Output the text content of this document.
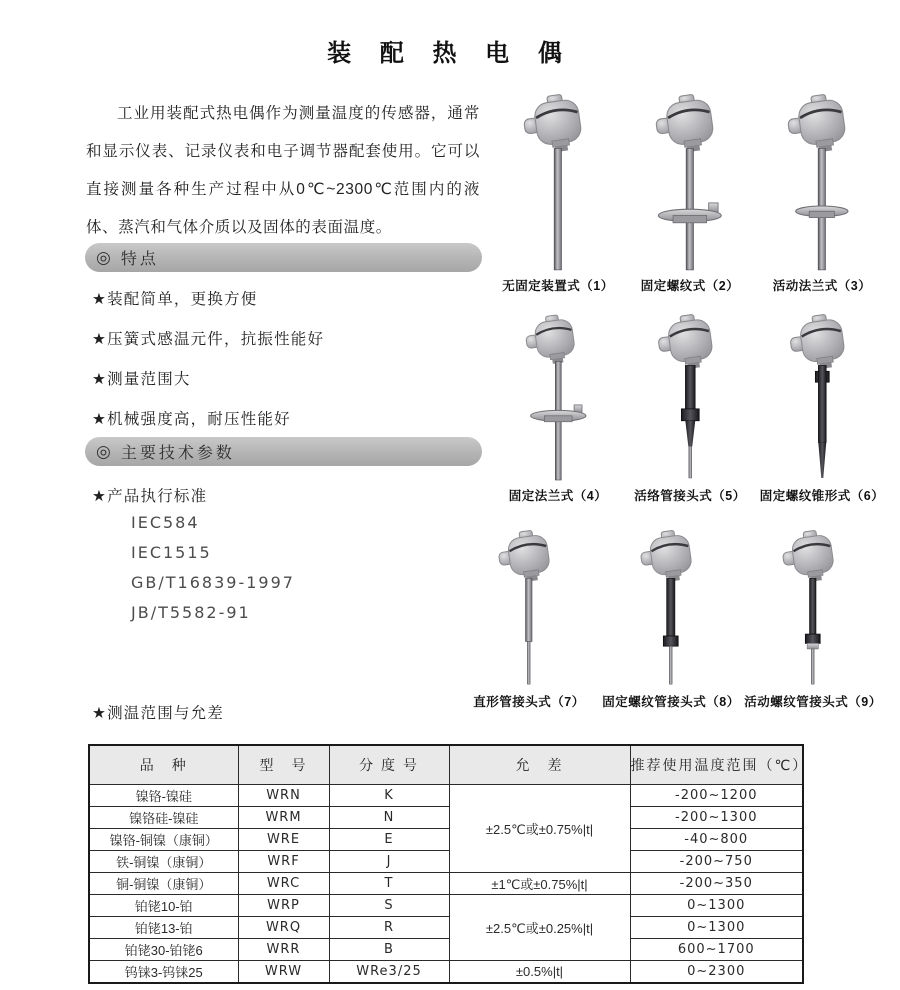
装 配 热 电 偶

工业用装配式热电偶作为测量温度的传感器，通常和显示仪表、记录仪表和电子调节器配套使用。它可以直接测量各种生产过程中从0℃~2300℃范围内的液体、蒸汽和气体介质以及固体的表面温度。

◎ 特点
★装配简单，更换方便
★压簧式感温元件，抗振性能好
★测量范围大
★机械强度高，耐压性能好
◎ 主要技术参数
★产品执行标准
IEC584
IEC1515
GB/T16839-1997
JB/T5582-91
★测温范围与允差
无固定装置式（1） 固定螺纹式（2）	活动法兰式（3）
固定法兰式（4） 活络管接头式（5） 固定螺纹锥形式（6）
直形管接头式（7） 固定螺纹管接头式（8） 活动螺纹管接头式（9）
品　种	型　号	分 度 号	允　差	推荐使用温度范围（℃）
镍铬-镍硅	WRN	K	±2.5℃或±0.75%|t|	-200~1200
镍铬硅-镍硅	WRM	N		-200~1300
镍铬-铜镍（康铜）	WRE	E		-40~800
铁-铜镍（康铜）	WRF	J		-200~750
铜-铜镍（康铜）	WRC	T	±1℃或±0.75%|t|	-200~350
铂铑10-铂	WRP	S	±2.5℃或±0.25%|t|	0~1300
铂铑13-铂	WRQ	R		0~1300
铂铑30-铂铑6	WRR	B		600~1700
钨铼3-钨铼25	WRW	WRe3/25	±0.5%|t|	0~2300
